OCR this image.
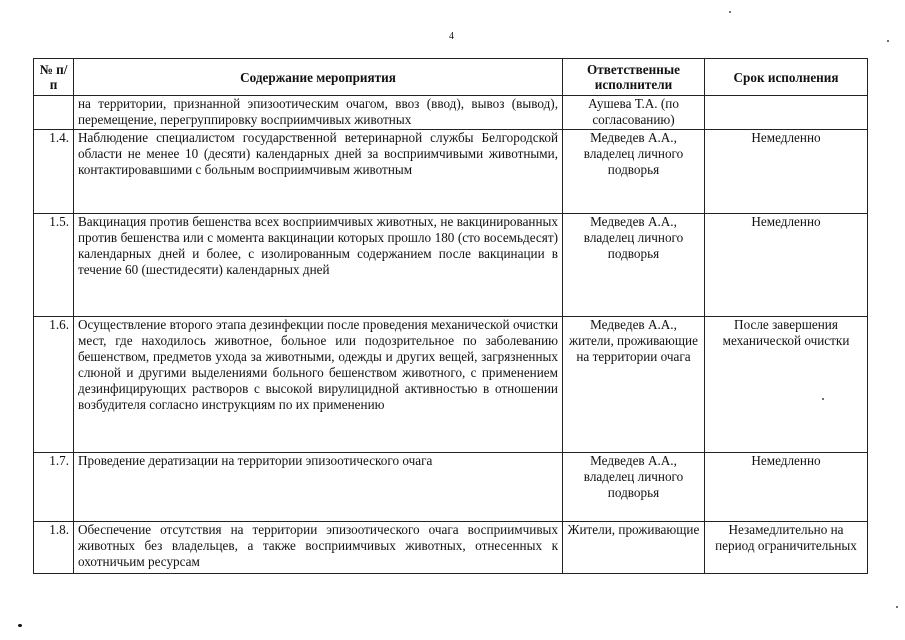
4
№ п/п	Содержание мероприятия	Ответственные исполнители	Срок исполнения
	на территории, признанной эпизоотическим очагом, ввоз (ввод), вывоз (вывод), перемещение, перегруппировку восприимчивых животных	Аушева Т.А. (по согласованию)	
1.4.	Наблюдение специалистом государственной ветеринарной службы Белгородской области не менее 10 (десяти) календарных дней за восприимчивыми животными, контактировавшими с больным восприимчивым животным	Медведев А.А., владелец личного подворья	Немедленно
1.5.	Вакцинация против бешенства всех восприимчивых животных, не вакцинированных против бешенства или с момента вакцинации которых прошло 180 (сто восемьдесят) календарных дней и более, с изолированным содержанием после вакцинации в течение 60 (шестидесяти) календарных дней	Медведев А.А., владелец личного подворья	Немедленно
1.6.	Осуществление второго этапа дезинфекции после проведения механической очистки мест, где находилось животное, больное или подозрительное по заболеванию бешенством, предметов ухода за животными, одежды и других вещей, загрязненных слюной и другими выделениями больного бешенством животного, с применением дезинфицирующих растворов с высокой вирулицидной активностью в отношении возбудителя согласно инструкциям по их применению	Медведев А.А., жители, проживающие на территории очага	После завершения механической очистки
1.7.	Проведение дератизации на территории эпизоотического очага	Медведев А.А., владелец личного подворья	Немедленно
1.8.	Обеспечение отсутствия на территории эпизоотического очага восприимчивых животных без владельцев, а также восприимчивых животных, отнесенных к охотничьим ресурсам	Жители, проживающие	Незамедлительно на период ограничительных
